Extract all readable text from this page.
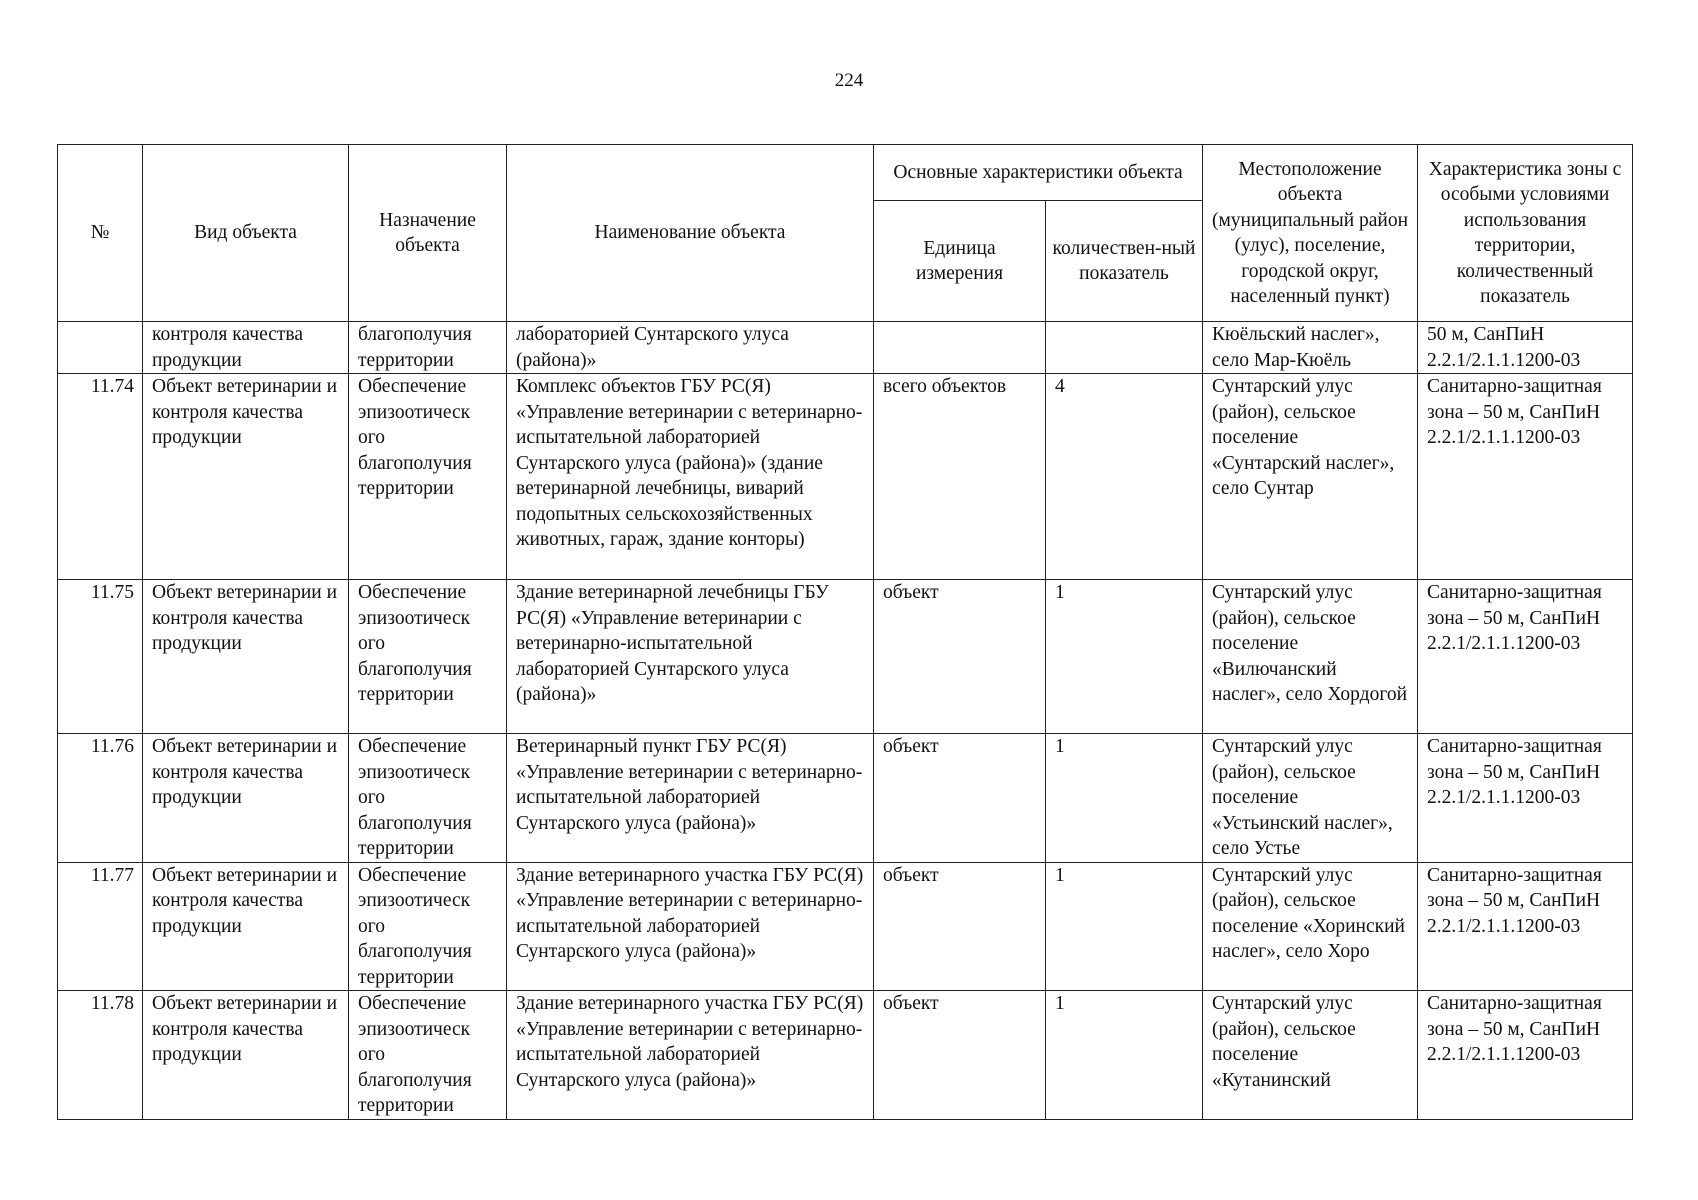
224
№	Вид объекта	Назначение объекта	Наименование объекта	Основные характеристики объекта		Местоположение объекта (муниципальный район (улус), поселение, городской округ, населенный пункт)	Характеристика зоны с особыми условиями использования территории, количественный показатель
				Единица измерения	количествен-ный показатель		
	контроля качества продукции	благополучия территории	лабораторией Сунтарского улуса (района)»			Кюёльский наслег», село Мар-Кюёль	50 м, СанПиН 2.2.1/2.1.1.1200-03
11.74	Объект ветеринарии и контроля качества продукции	Обеспечение эпизоотическ ого благополучия территории	Комплекс объектов ГБУ РС(Я) «Управление ветеринарии с ветеринарно-испытательной лабораторией Сунтарского улуса (района)» (здание ветеринарной лечебницы, виварий подопытных сельскохозяйственных животных, гараж, здание конторы)	всего объектов	4	Сунтарский улус (район), сельское поселение «Сунтарский наслег», село Сунтар	Санитарно-защитная зона – 50 м, СанПиН 2.2.1/2.1.1.1200-03
11.75	Объект ветеринарии и контроля качества продукции	Обеспечение эпизоотическ ого благополучия территории	Здание ветеринарной лечебницы ГБУ РС(Я) «Управление ветеринарии с ветеринарно-испытательной лабораторией Сунтарского улуса (района)»	объект	1	Сунтарский улус (район), сельское поселение «Вилючанский наслег», село Хордогой	Санитарно-защитная зона – 50 м, СанПиН 2.2.1/2.1.1.1200-03
11.76	Объект ветеринарии и контроля качества продукции	Обеспечение эпизоотическ ого благополучия территории	Ветеринарный пункт ГБУ РС(Я) «Управление ветеринарии с ветеринарно-испытательной лабораторией Сунтарского улуса (района)»	объект	1	Сунтарский улус (район), сельское поселение «Устьинский наслег», село Устье	Санитарно-защитная зона – 50 м, СанПиН 2.2.1/2.1.1.1200-03
11.77	Объект ветеринарии и контроля качества продукции	Обеспечение эпизоотическ ого благополучия территории	Здание ветеринарного участка ГБУ РС(Я) «Управление ветеринарии с ветеринарно-испытательной лабораторией Сунтарского улуса (района)»	объект	1	Сунтарский улус (район), сельское поселение «Хоринский наслег», село Хоро	Санитарно-защитная зона – 50 м, СанПиН 2.2.1/2.1.1.1200-03
11.78	Объект ветеринарии и контроля качества продукции	Обеспечение эпизоотическ ого благополучия территории	Здание ветеринарного участка ГБУ РС(Я) «Управление ветеринарии с ветеринарно-испытательной лабораторией Сунтарского улуса (района)»	объект	1	Сунтарский улус (район), сельское поселение «Кутанинский	Санитарно-защитная зона – 50 м, СанПиН 2.2.1/2.1.1.1200-03
